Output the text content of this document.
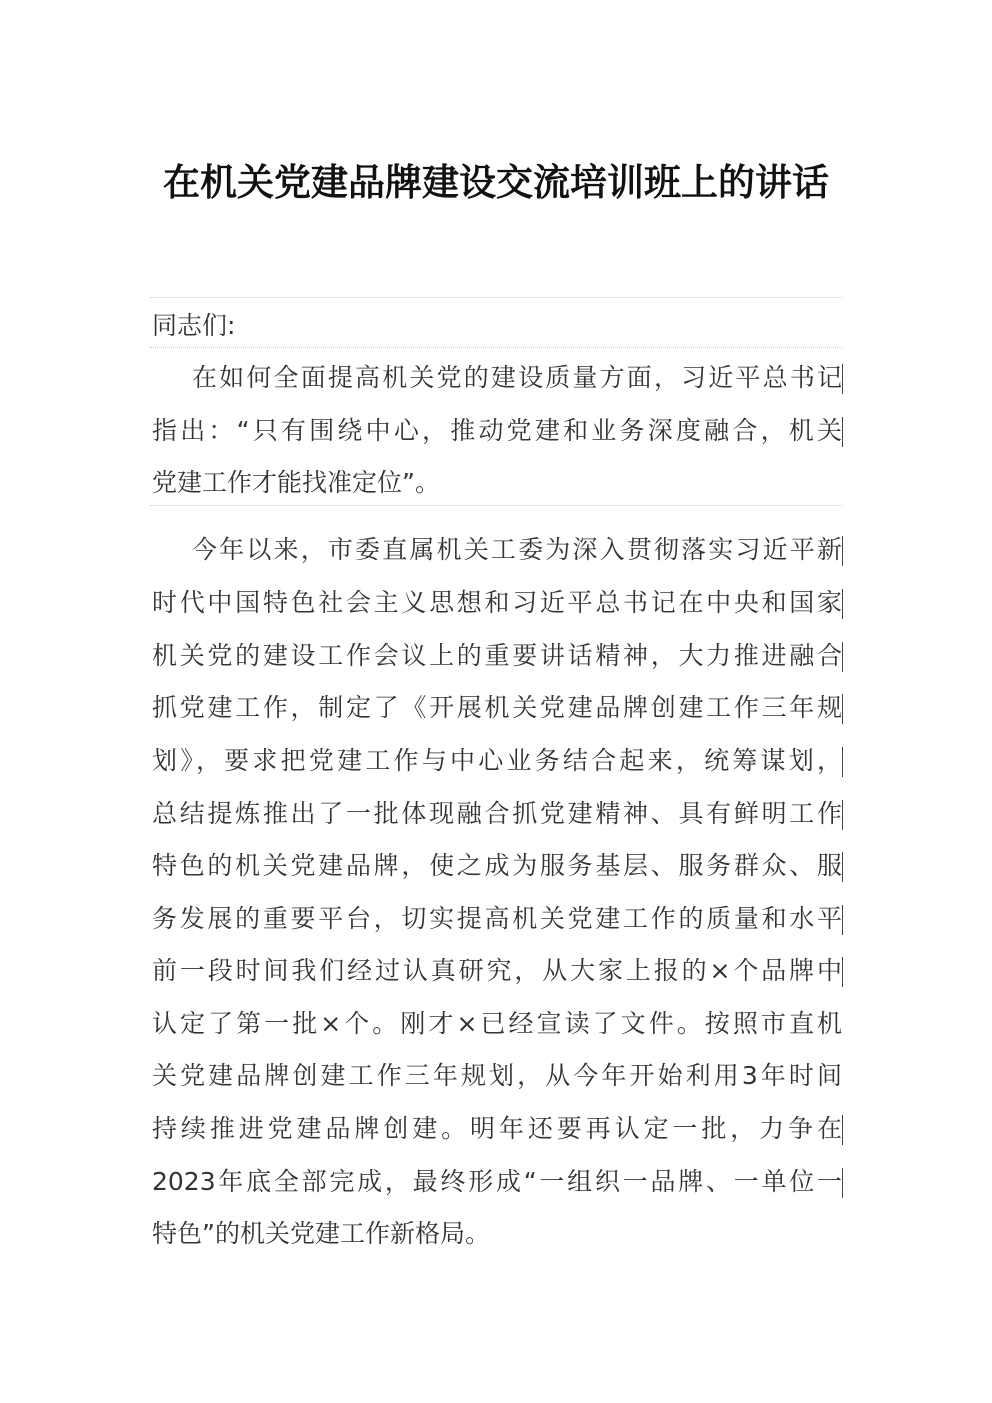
在机关党建品牌建设交流培训班上的讲话
同志们:
在如何全面提高机关党的建设质量方面，习近平总书记
指出：“只有围绕中心，推动党建和业务深度融合，机关
党建工作才能找准定位”。
今年以来，市委直属机关工委为深入贯彻落实习近平新
时代中国特色社会主义思想和习近平总书记在中央和国家
机关党的建设工作会议上的重要讲话精神，大力推进融合
抓党建工作，制定了《开展机关党建品牌创建工作三年规
划》，要求把党建工作与中心业务结合起来，统筹谋划，
总结提炼推出了一批体现融合抓党建精神、具有鲜明工作
特色的机关党建品牌，使之成为服务基层、服务群众、服
务发展的重要平台，切实提高机关党建工作的质量和水平
前一段时间我们经过认真研究，从大家上报的×个品牌中
认定了第一批×个。刚才×已经宣读了文件。按照市直机
关党建品牌创建工作三年规划，从今年开始利用3年时间
持续推进党建品牌创建。明年还要再认定一批，力争在
2023年底全部完成，最终形成“一组织一品牌、一单位一
特色”的机关党建工作新格局。
